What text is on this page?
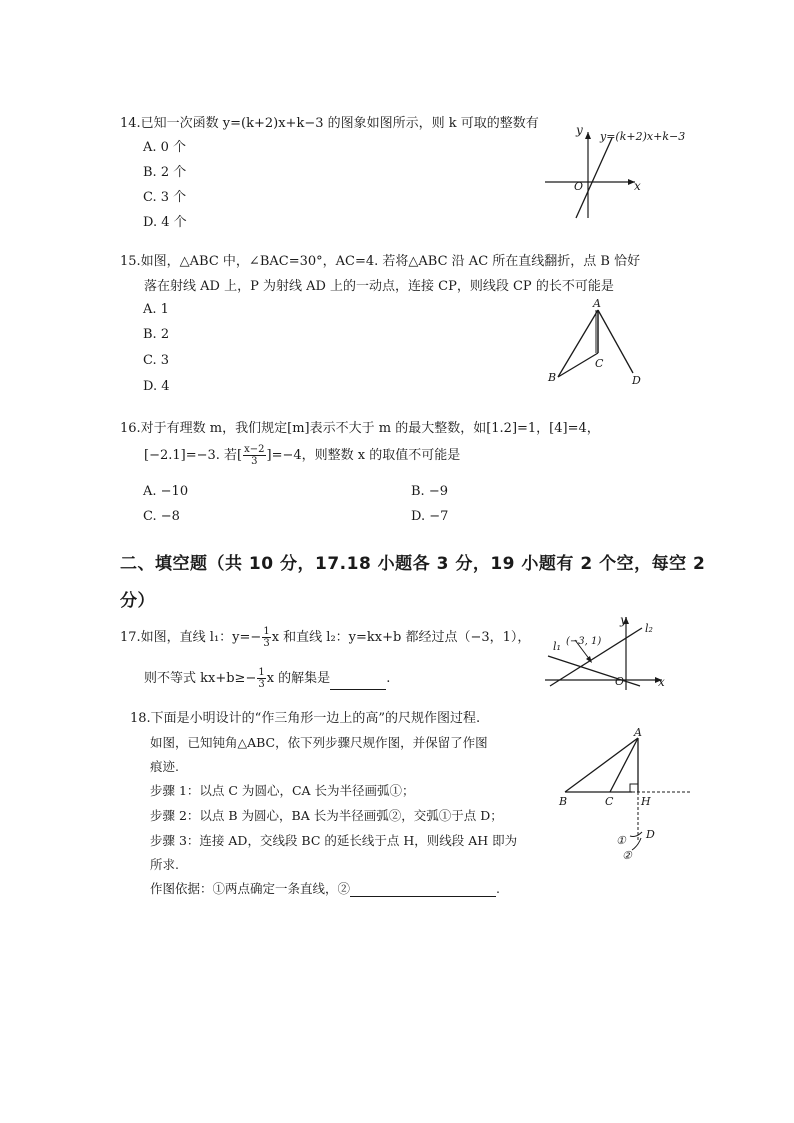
14.已知一次函数 y=(k+2)x+k−3 的图象如图所示，则 k 可取的整数有
A. 0 个
B. 2 个
C. 3 个
D. 4 个
y
x
O
y=(k+2)x+k−3
15.如图，△ABC 中，∠BAC=30°，AC=4. 若将△ABC 沿 AC 所在直线翻折，点 B 恰好
落在射线 AD 上，P 为射线 AD 上的一动点，连接 CP，则线段 CP 的长不可能是
A. 1
B. 2
C. 3
D. 4
A
B
C
D
16.对于有理数 m，我们规定[m]表示不大于 m 的最大整数，如[1.2]=1，[4]=4，
[−2.1]=−3. 若[ $\frac{x-2}{3} ]=-4$，则整数 x 的取值不可能是
A. −10	B. −9
C. −8	D. −7
二、填空题（共 10 分，17.18 小题各 3 分，19 小题有 2 个空，每空 2
分）
17.如图，直线 l₁：$y=- \frac{1}{3}$ x 和直线 l₂：y=kx+b 都经过点（−3，1），
则不等式 $kx+b\ge- \frac{1}{3}$ x 的解集是	.
y
x
O
l₂
l₁ (−3, 1)
18.下面是小明设计的“作三角形一边上的高”的尺规作图过程.
如图，已知钝角△ABC，依下列步骤尺规作图，并保留了作图
痕迹.
步骤 1：以点 C 为圆心，CA 长为半径画弧①；
步骤 2：以点 B 为圆心，BA 长为半径画弧②，交弧①于点 D；
步骤 3：连接 AD，交线段 BC 的延长线于点 H，则线段 AH 即为
所求.
作图依据：①两点确定一条直线，②	.
A
B	C	H
D
①
②
